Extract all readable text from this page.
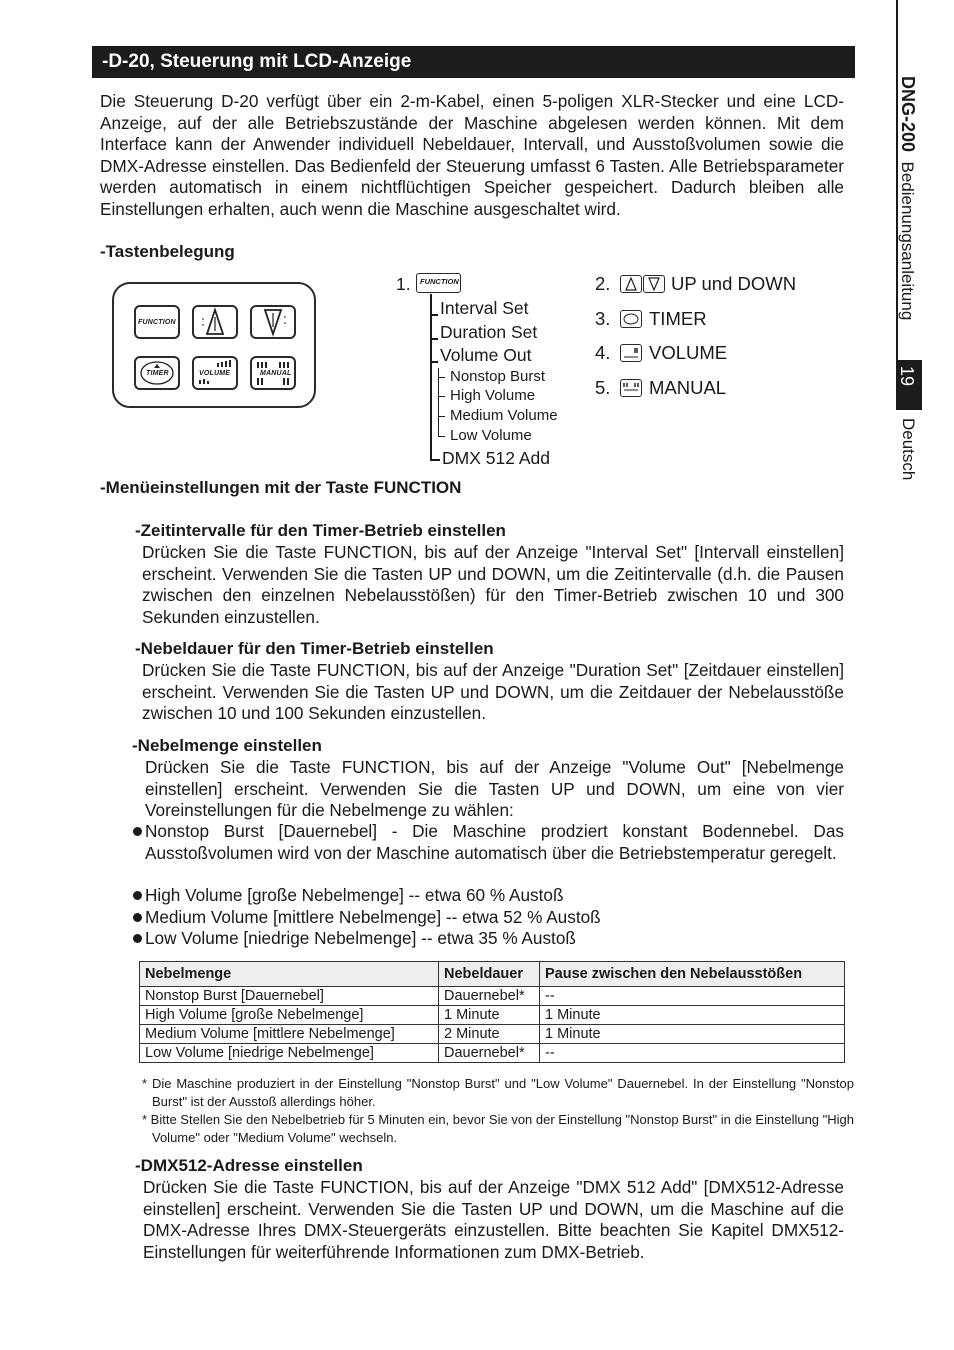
DNG-200  Bedienungsanleitung
19
Deutsch
-D-20, Steuerung mit LCD-Anzeige

Die Steuerung D-20 verfügt über ein 2-m-Kabel, einen 5-poligen XLR-Stecker und eine LCD-Anzeige, auf der alle Betriebszustände der Maschine abgelesen werden können. Mit dem Interface kann der Anwender individuell Nebeldauer, Intervall, und Ausstoßvolumen sowie die DMX-Adresse einstellen. Das Bedienfeld der Steuerung umfasst 6 Tasten. Alle Betriebsparameter werden automatisch in einem nichtflüchtigen Speicher gespeichert. Dadurch bleiben alle Einstellungen erhalten, auch wenn die Maschine ausgeschaltet wird.

-Tastenbelegung

FUNCTION
TIMER	VOLUME	MANUAL
1. FUNCTION
Interval Set
Duration Set
Volume Out
Nonstop Burst
High Volume
Medium Volume
Low Volume
DMX 512 Add
2.	UP und DOWN
3. TIMER
4. VOLUME
5. MANUAL

-Menüeinstellungen mit der Taste FUNCTION

-Zeitintervalle für den Timer-Betrieb einstellen

Drücken Sie die Taste FUNCTION, bis auf der Anzeige "Interval Set" [Intervall einstellen] erscheint. Verwenden Sie die Tasten UP und DOWN, um die Zeitintervalle (d.h. die Pausen zwischen den einzelnen Nebelausstößen) für den Timer-Betrieb zwischen 10 und 300 Sekunden einzustellen.

-Nebeldauer für den Timer-Betrieb einstellen

Drücken Sie die Taste FUNCTION, bis auf der Anzeige "Duration Set" [Zeitdauer einstellen] erscheint. Verwenden Sie die Tasten UP und DOWN, um die Zeitdauer der Nebelausstöße zwischen 10 und 100 Sekunden einzustellen.

-Nebelmenge einstellen

Drücken Sie die Taste FUNCTION, bis auf der Anzeige "Volume Out" [Nebelmenge einstellen] erscheint. Verwenden Sie die Tasten UP und DOWN, um eine von vier Voreinstellungen für die Nebelmenge zu wählen:

Nonstop Burst [Dauernebel] - Die Maschine prodziert konstant Bodennebel. Das Ausstoßvolumen wird von der Maschine automatisch über die Betriebstemperatur geregelt.

High Volume [große Nebelmenge] -- etwa 60 % Austoß

Medium Volume [mittlere Nebelmenge] -- etwa 52 % Austoß

Low Volume [niedrige Nebelmenge] -- etwa 35 % Austoß

Nebelmenge	Nebeldauer	Pause zwischen den Nebelausstößen
Nonstop Burst [Dauernebel]	Dauernebel*	--
High Volume [große Nebelmenge]	1 Minute	1 Minute
Medium Volume [mittlere Nebelmenge]	2 Minute	1 Minute
Low Volume [niedrige Nebelmenge]	Dauernebel*	--

* Die Maschine produziert in der Einstellung "Nonstop Burst" und "Low Volume" Dauernebel. In der Einstellung "Nonstop Burst" ist der Ausstoß allerdings höher.

* Bitte Stellen Sie den Nebelbetrieb für 5 Minuten ein, bevor Sie von der Einstellung "Nonstop Burst" in die Einstellung "High Volume" oder "Medium Volume" wechseln.

-DMX512-Adresse einstellen

Drücken Sie die Taste FUNCTION, bis auf der Anzeige "DMX 512 Add" [DMX512-Adresse einstellen] erscheint. Verwenden Sie die Tasten UP und DOWN, um die Maschine auf die DMX-Adresse Ihres DMX-Steuergeräts einzustellen. Bitte beachten Sie Kapitel DMX512-Einstellungen für weiterführende Informationen zum DMX-Betrieb.
